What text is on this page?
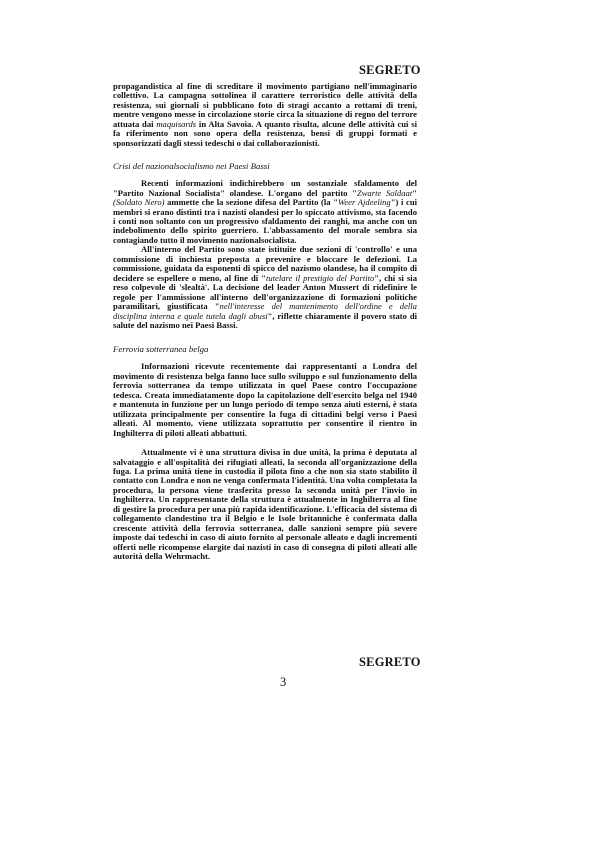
SEGRETO

propagandistica al fine di screditare il movimento partigiano nell'immaginario collettivo. La campagna sottolinea il carattere terroristico delle attività della resistenza, sui giornali si pubblicano foto di stragi accanto a rottami di treni, mentre vengono messe in circolazione storie circa la situazione di regno del terrore attuata dai maquisards in Alta Savoia. A quanto risulta, alcune delle attività cui si fa riferimento non sono opera della resistenza, bensì di gruppi formati e sponsorizzati dagli stessi tedeschi o dai collaborazionisti.

Crisi del nazionalsocialismo nei Paesi Bassi

Recenti informazioni indichirebbero un sostanziale sfaldamento del "Partito Nazional Socialista" olandese. L'organo del partito "Zwarte Soldaat" (Soldato Nero) ammette che la sezione difesa del Partito (la "Weer Ajdeeling") i cui membri si erano distinti tra i nazisti olandesi per lo spiccato attivismo, sta facendo i conti non soltanto con un progressivo sfaldamento dei ranghi, ma anche con un indebolimento dello spirito guerriero. L'abbassamento del morale sembra sia contagiando tutto il movimento nazionalsocialista.

All'interno del Partito sono state istituite due sezioni di 'controllo' e una commissione di inchiesta preposta a prevenire e bloccare le defezioni. La commissione, guidata da esponenti di spicco del nazismo olandese, ha il compito di decidere se espellere o meno, al fine di "tutelare il prestigio del Partito", chi si sia reso colpevole di 'slealtà'. La decisione del leader Anton Mussert di ridefinire le regole per l'ammissione all'interno dell'organizzazione di formazioni politiche paramilitari, giustificata "nell'interesse del mantenimento dell'ordine e della disciplina interna e quale tutela dagli abusi", riflette chiaramente il povero stato di salute del nazismo nei Paesi Bassi.

Ferrovia sotterranea belga

Informazioni ricevute recentemente dai rappresentanti a Londra del movimento di resistenza belga fanno luce sullo sviluppo e sul funzionamento della ferrovia sotterranea da tempo utilizzata in quel Paese contro l'occupazione tedesca. Creata immediatamente dopo la capitolazione dell'esercito belga nel 1940 e mantenuta in funzione per un lungo periodo di tempo senza aiuti esterni, è stata utilizzata principalmente per consentire la fuga di cittadini belgi verso i Paesi alleati. Al momento, viene utilizzata soprattutto per consentire il rientro in Inghilterra di piloti alleati abbattuti.

Attualmente vi è una struttura divisa in due unità, la prima è deputata al salvataggio e all'ospitalità dei rifugiati alleati, la seconda all'organizzazione della fuga. La prima unità tiene in custodia il pilota fino a che non sia stato stabilito il contatto con Londra e non ne venga confermata l'identità. Una volta completata la procedura, la persona viene trasferita presso la seconda unità per l'invio in Inghilterra. Un rappresentante della struttura è attualmente in Inghilterra al fine di gestire la procedura per una più rapida identificazione. L'efficacia del sistema di collegamento clandestino tra il Belgio e le Isole britanniche è confermata dalla crescente attività della ferrovia sotterranea, dalle sanzioni sempre più severe imposte dai tedeschi in caso di aiuto fornito al personale alleato e dagli incrementi offerti nelle ricompense elargite dai nazisti in caso di consegna di piloti alleati alle autorità della Wehrmacht.

SEGRETO
3
